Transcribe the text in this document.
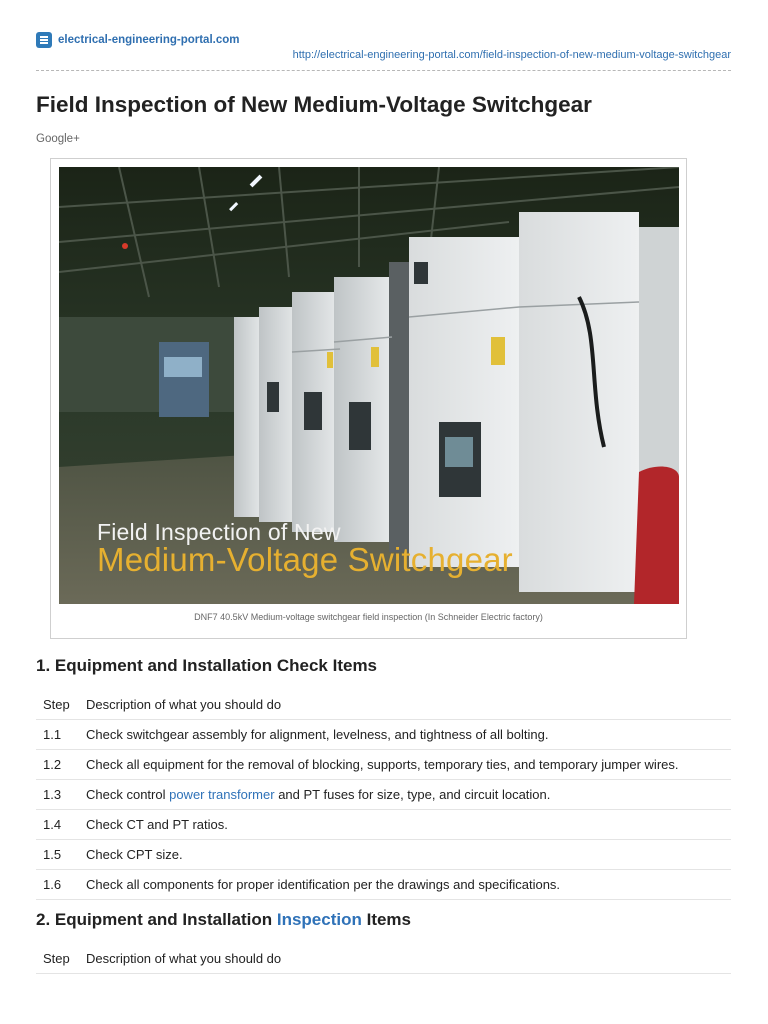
electrical-engineering-portal.com
http://electrical-engineering-portal.com/field-inspection-of-new-medium-voltage-switchgear
Field Inspection of New Medium-Voltage Switchgear
Google+
Field Inspection of New
Medium-Voltage Switchgear
DNF7 40.5kV Medium-voltage switchgear field inspection (In Schneider Electric factory)
1. Equipment and Installation Check Items
Step	Description of what you should do
1.1	Check switchgear assembly for alignment, levelness, and tightness of all bolting.
1.2	Check all equipment for the removal of blocking, supports, temporary ties, and temporary jumper wires.
1.3	Check control power transformer and PT fuses for size, type, and circuit location.
1.4	Check CT and PT ratios.
1.5	Check CPT size.
1.6	Check all components for proper identification per the drawings and specifications.
2. Equipment and Installation Inspection Items
Step	Description of what you should do
